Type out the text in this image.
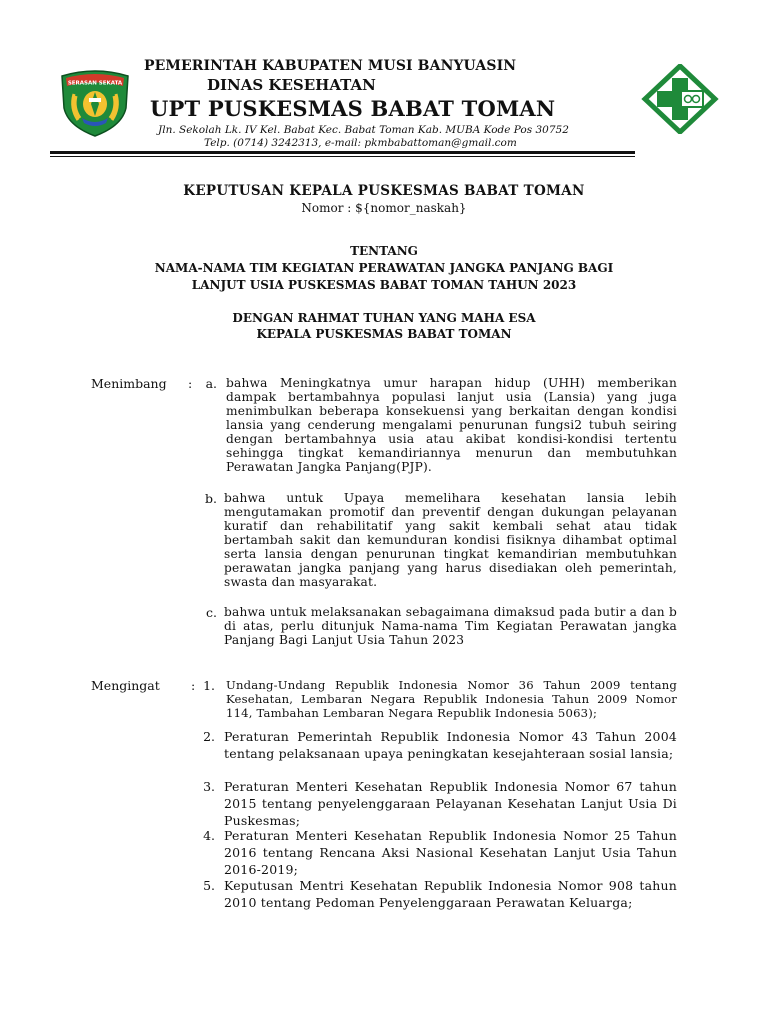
SERASAN SEKATA
PEMERINTAH KABUPATEN MUSI BANYUASIN
DINAS KESEHATAN
UPT PUSKESMAS BABAT TOMAN
Jln. Sekolah Lk. IV Kel. Babat Kec. Babat Toman Kab. MUBA Kode Pos 30752
Telp. (0714) 3242313, e-mail: pkmbabattoman@gmail.com
KEPUTUSAN KEPALA PUSKESMAS BABAT TOMAN
Nomor : ${nomor_naskah}
TENTANG
NAMA-NAMA TIM KEGIATAN PERAWATAN JANGKA PANJANG BAGI
LANJUT USIA PUSKESMAS BABAT TOMAN TAHUN 2023
DENGAN RAHMAT TUHAN YANG MAHA ESA
KEPALA PUSKESMAS BABAT TOMAN
Menimbang :	a. bahwa Meningkatnya umur harapan hidup (UHH) memberikan dampak bertambahnya populasi lanjut usia (Lansia) yang juga menimbulkan beberapa konsekuensi yang berkaitan dengan kondisi lansia yang cenderung mengalami penurunan fungsi2 tubuh seiring dengan bertambahnya usia atau akibat kondisi-kondisi tertentu sehingga tingkat kemandiriannya menurun dan membutuhkan Perawatan Jangka Panjang(PJP).

b. bahwa untuk Upaya memelihara kesehatan lansia lebih mengutamakan promotif dan preventif dengan dukungan pelayanan kuratif dan rehabilitatif yang sakit kembali sehat atau tidak bertambah sakit dan kemunduran kondisi fisiknya dihambat optimal serta lansia dengan penurunan tingkat kemandirian membutuhkan perawatan jangka panjang yang harus disediakan oleh pemerintah, swasta dan masyarakat.

c. bahwa untuk melaksanakan sebagaimana dimaksud pada butir a dan b di atas, perlu ditunjuk Nama-nama Tim Kegiatan Perawatan jangka Panjang Bagi Lanjut Usia Tahun 2023

Mengingat : 1. Undang-Undang Republik Indonesia Nomor 36 Tahun 2009 tentang Kesehatan, Lembaran Negara Republik Indonesia Tahun 2009 Nomor 114, Tambahan Lembaran Negara Republik Indonesia 5063);

2. Peraturan Pemerintah Republik Indonesia Nomor 43 Tahun 2004 tentang pelaksanaan upaya peningkatan kesejahteraan sosial lansia;

3. Peraturan Menteri Kesehatan Republik Indonesia Nomor 67 tahun 2015 tentang penyelenggaraan Pelayanan Kesehatan Lanjut Usia Di Puskesmas;

4. Peraturan Menteri Kesehatan Republik Indonesia Nomor 25 Tahun 2016 tentang Rencana Aksi Nasional Kesehatan Lanjut Usia Tahun 2016-2019;

5. Keputusan Mentri Kesehatan Republik Indonesia Nomor 908 tahun 2010 tentang Pedoman Penyelenggaraan Perawatan Keluarga;
